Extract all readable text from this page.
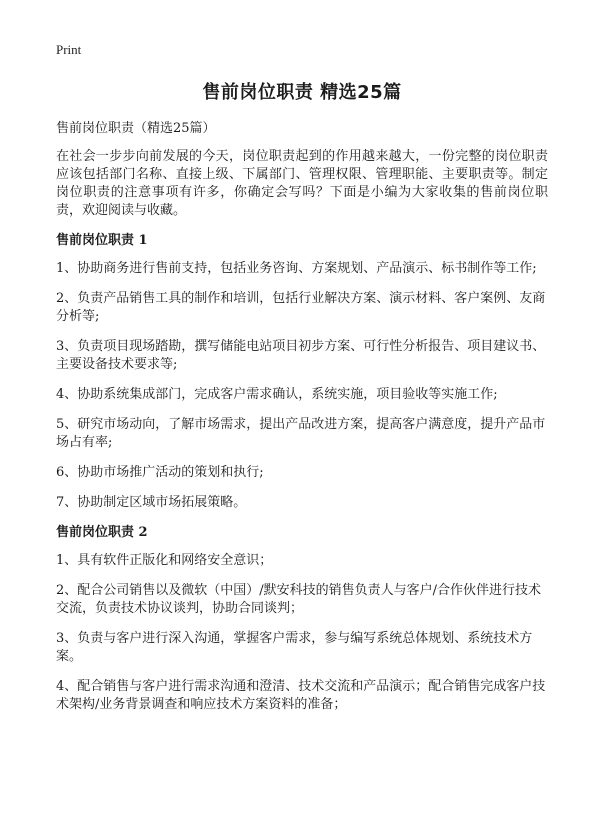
Print
售前岗位职责 精选25篇
售前岗位职责（精选25篇）
在社会一步步向前发展的今天，岗位职责起到的作用越来越大，一份完整的岗位职责应该包括部门名称、直接上级、下属部门、管理权限、管理职能、主要职责等。制定岗位职责的注意事项有许多，你确定会写吗？下面是小编为大家收集的售前岗位职责，欢迎阅读与收藏。
售前岗位职责 1
1、协助商务进行售前支持，包括业务咨询、方案规划、产品演示、标书制作等工作;
2、负责产品销售工具的制作和培训，包括行业解决方案、演示材料、客户案例、友商分析等;
3、负责项目现场踏勘，撰写储能电站项目初步方案、可行性分析报告、项目建议书、主要设备技术要求等;
4、协助系统集成部门，完成客户需求确认，系统实施，项目验收等实施工作;
5、研究市场动向，了解市场需求，提出产品改进方案，提高客户满意度，提升产品市场占有率;
6、协助市场推广活动的策划和执行;
7、协助制定区域市场拓展策略。
售前岗位职责 2
1、具有软件正版化和网络安全意识；
2、配合公司销售以及微软（中国）/默安科技的销售负责人与客户/合作伙伴进行技术交流，负责技术协议谈判，协助合同谈判；
3、负责与客户进行深入沟通，掌握客户需求，参与编写系统总体规划、系统技术方案。
4、配合销售与客户进行需求沟通和澄清、技术交流和产品演示；配合销售完成客户技术架构/业务背景调查和响应技术方案资料的准备；
